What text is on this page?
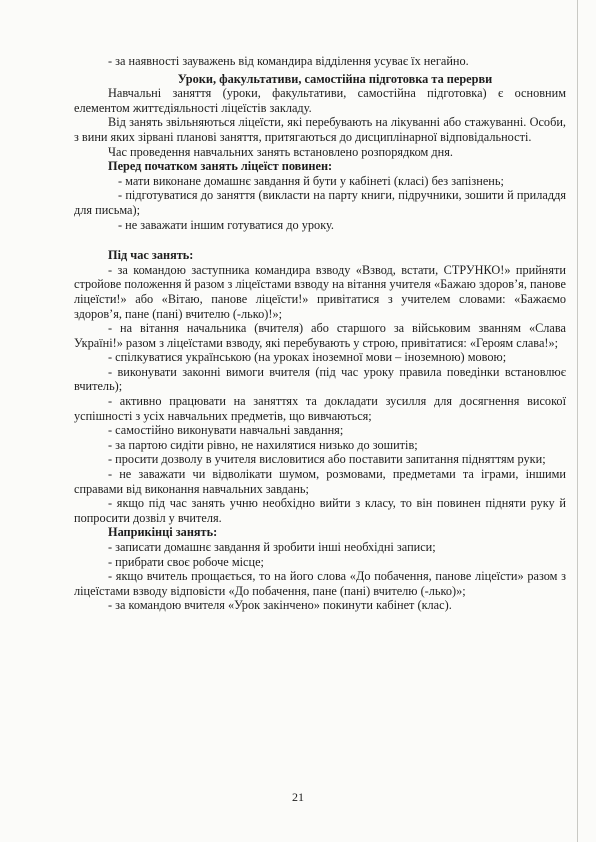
- за наявності зауважень від командира відділення усуває їх негайно.

Уроки, факультативи, самостійна підготовка та перерви

Навчальні заняття (уроки, факультативи, самостійна підготовка) є основним елементом життєдіяльності ліцеїстів закладу.

Від занять звільняються ліцеїсти, які перебувають на лікуванні або стажуванні. Особи, з вини яких зірвані планові заняття, притягаються до дисциплінарної відповідальності.

Час проведення навчальних занять встановлено розпорядком дня.

Перед початком занять ліцеїст повинен:

- мати виконане домашнє завдання й бути у кабінеті (класі) без запізнень;

- підготуватися до заняття (викласти на парту книги, підручники, зошити й приладдя для письма);

- не заважати іншим готуватися до уроку.

Під час занять:

- за командою заступника командира взводу «Взвод, встати, СТРУНКО!» прийняти стройове положення й разом з ліцеїстами взводу на вітання учителя «Бажаю здоров’я, панове ліцеїсти!» або «Вітаю, панове ліцеїсти!» привітатися з учителем словами: «Бажаємо здоров’я, пане (пані) вчителю (-лько)!»;

- на вітання начальника (вчителя) або старшого за військовим званням «Слава Україні!» разом з ліцеїстами взводу, які перебувають у строю, привітатися: «Героям слава!»;

- спілкуватися українською (на уроках іноземної мови – іноземною) мовою;

- виконувати законні вимоги вчителя (під час уроку правила поведінки встановлює вчитель);

- активно працювати на заняттях та докладати зусилля для досягнення високої успішності з усіх навчальних предметів, що вивчаються;

- самостійно виконувати навчальні завдання;

- за партою сидіти рівно, не нахилятися низько до зошитів;

- просити дозволу в учителя висловитися або поставити запитання підняттям руки;

- не заважати чи відволікати шумом, розмовами, предметами та іграми, іншими справами від виконання навчальних завдань;

- якщо під час занять учню необхідно вийти з класу, то він повинен підняти руку й попросити дозвіл у вчителя.

Наприкінці занять:

- записати домашнє завдання й зробити інші необхідні записи;

- прибрати своє робоче місце;

- якщо вчитель прощається, то на його слова «До побачення, панове ліцеїсти» разом з ліцеїстами взводу відповісти «До побачення, пане (пані) вчителю (-лько)»;

- за командою вчителя «Урок закінчено» покинути кабінет (клас).

21
